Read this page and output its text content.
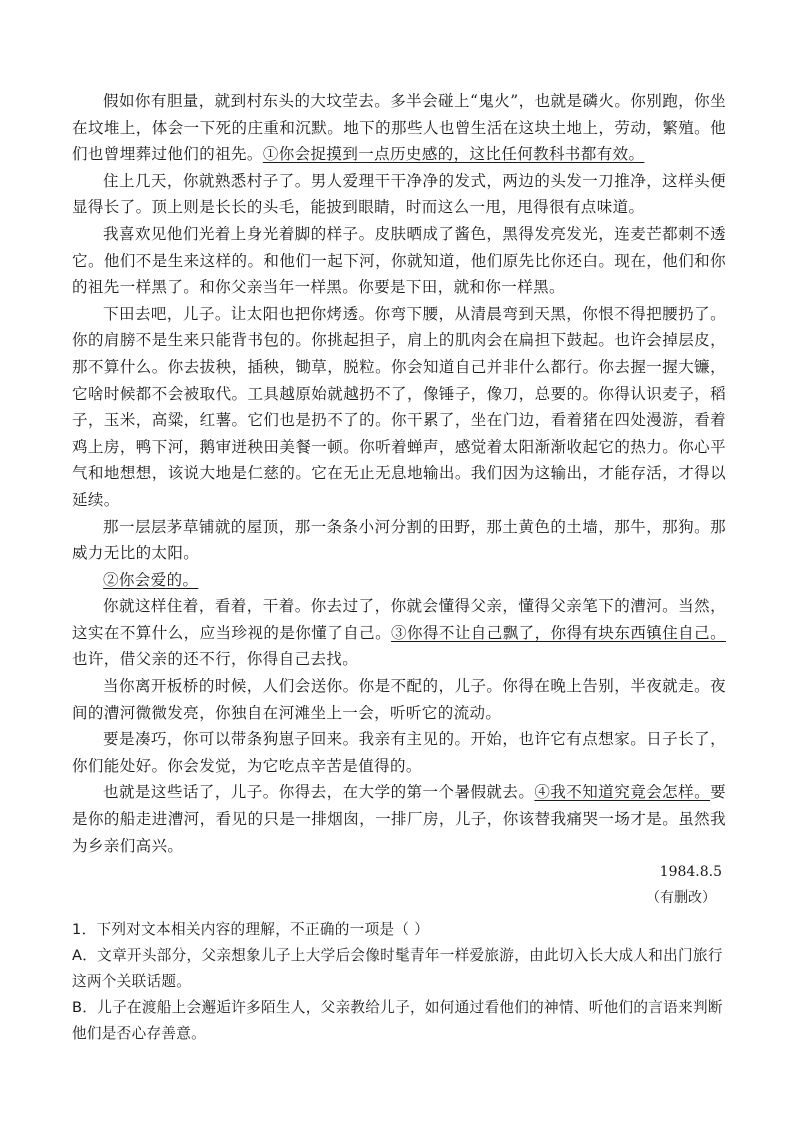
假如你有胆量，就到村东头的大坟茔去。多半会碰上“鬼火”，也就是磷火。你别跑，你坐在坟堆上，体会一下死的庄重和沉默。地下的那些人也曾生活在这块土地上，劳动，繁殖。他们也曾埋葬过他们的祖先。①你会捉摸到一点历史感的，这比任何教科书都有效。

住上几天，你就熟悉村子了。男人爱理干干净净的发式，两边的头发一刀推净，这样头便显得长了。顶上则是长长的头毛，能披到眼睛，时而这么一甩，甩得很有点味道。

我喜欢见他们光着上身光着脚的样子。皮肤晒成了酱色，黑得发亮发光，连麦芒都刺不透它。他们不是生来这样的。和他们一起下河，你就知道，他们原先比你还白。现在，他们和你的祖先一样黑了。和你父亲当年一样黑。你要是下田，就和你一样黑。

下田去吧，儿子。让太阳也把你烤透。你弯下腰，从清晨弯到天黑，你恨不得把腰扔了。你的肩膀不是生来只能背书包的。你挑起担子，肩上的肌肉会在扁担下鼓起。也许会掉层皮，那不算什么。你去拔秧，插秧，锄草，脱粒。你会知道自己并非什么都行。你去握一握大镰，它啥时候都不会被取代。工具越原始就越扔不了，像锤子，像刀，总要的。你得认识麦子，稻子，玉米，高粱，红薯。它们也是扔不了的。你干累了，坐在门边，看着猪在四处漫游，看着鸡上房，鸭下河，鹅审迸秧田美餐一顿。你听着蝉声，感觉着太阳渐渐收起它的热力。你心平气和地想想，该说大地是仁慈的。它在无止无息地输出。我们因为这输出，才能存活，才得以延续。

那一层层茅草铺就的屋顶，那一条条小河分割的田野，那土黄色的土墙，那牛，那狗。那威力无比的太阳。

②你会爱的。

你就这样住着，看着，干着。你去过了，你就会懂得父亲，懂得父亲笔下的漕河。当然，这实在不算什么，应当珍视的是你懂了自己。③你得不让自己飘了，你得有块东西镇住自己。也许，借父亲的还不行，你得自己去找。

当你离开板桥的时候，人们会送你。你是不配的，儿子。你得在晚上告别，半夜就走。夜间的漕河微微发亮，你独自在河滩坐上一会，听听它的流动。

要是凑巧，你可以带条狗崽子回来。我亲有主见的。开始，也许它有点想家。日子长了，你们能处好。你会发觉，为它吃点辛苦是值得的。

也就是这些话了，儿子。你得去，在大学的第一个暑假就去。④我不知道究竟会怎样。要是你的船走进漕河，看见的只是一排烟囱，一排厂房，儿子，你该替我痛哭一场才是。虽然我为乡亲们高兴。

1984.8.5

（有删改）

1．下列对文本相关内容的理解，不正确的一项是（ ）

A．文章开头部分，父亲想象儿子上大学后会像时髦青年一样爱旅游，由此切入长大成人和出门旅行这两个关联话题。

B．儿子在渡船上会邂逅许多陌生人，父亲教给儿子，如何通过看他们的神情、听他们的言语来判断他们是否心存善意。
